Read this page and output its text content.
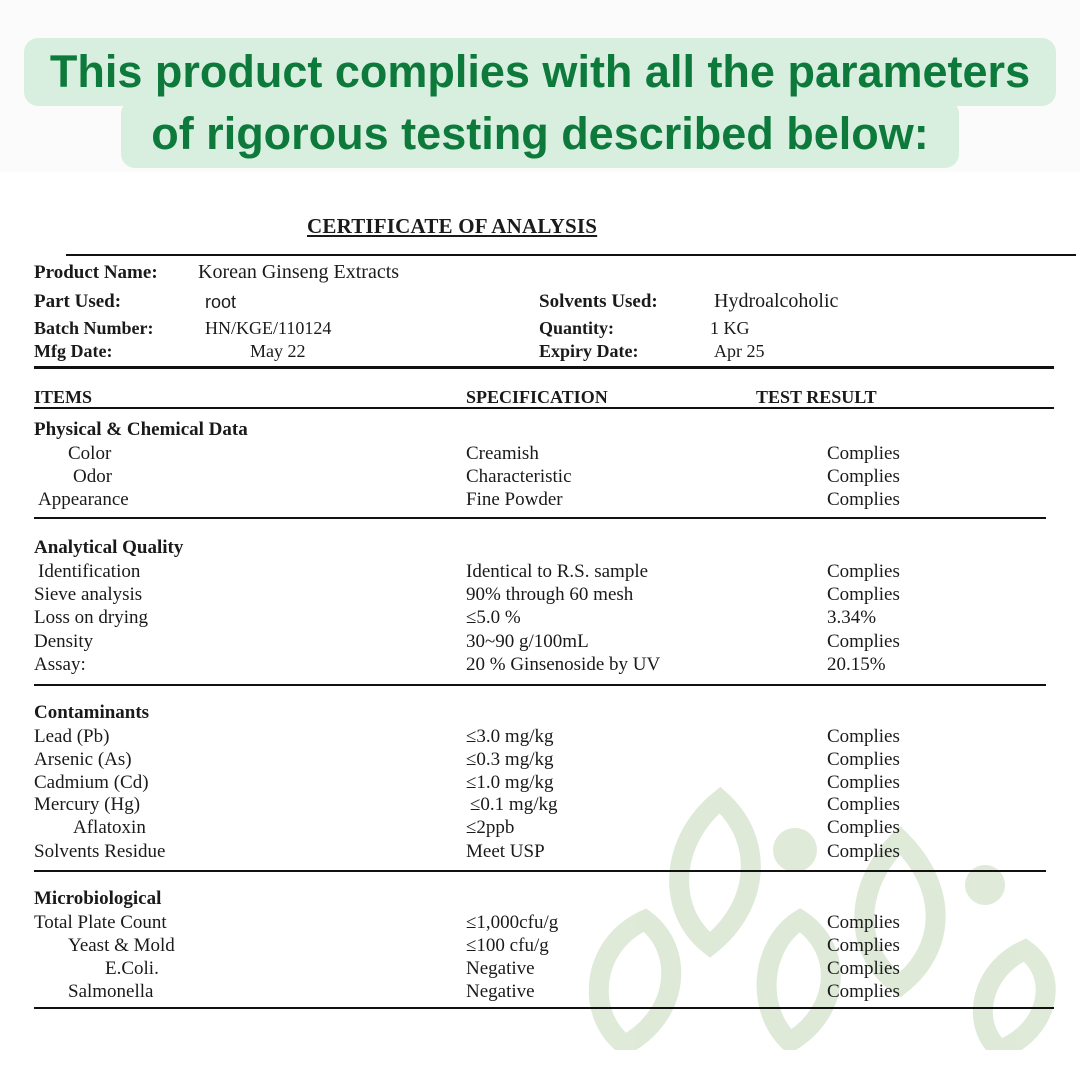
This product complies with all the parameters
of rigorous testing described below:
CERTIFICATE OF ANALYSIS
Product Name: Korean Ginseng Extracts
Part Used:	root	Solvents Used:	Hydroalcoholic
Batch Number:	HN/KGE/110124	Quantity:	1 KG
Mfg Date:	May 22	Expiry Date:	Apr 25
ITEMS	SPECIFICATION	TEST RESULT
Physical & Chemical Data
Color	Creamish	Complies
Odor	Characteristic	Complies
Appearance	Fine Powder	Complies
Analytical Quality
Identification	Identical to R.S. sample	Complies
Sieve analysis	90% through 60 mesh	Complies
Loss on drying	≤5.0 %	3.34%
Density	30~90 g/100mL	Complies
Assay:	20 % Ginsenoside by UV	20.15%
Contaminants
Lead (Pb)	≤3.0 mg/kg	Complies
Arsenic (As)	≤0.3 mg/kg	Complies
Cadmium (Cd)	≤1.0 mg/kg	Complies
Mercury (Hg)	≤0.1 mg/kg	Complies
Aflatoxin	≤2ppb	Complies
Solvents Residue	Meet USP	Complies
Microbiological
Total Plate Count	≤1,000cfu/g	Complies
Yeast & Mold	≤100 cfu/g	Complies
E.Coli.	Negative	Complies
Salmonella	Negative	Complies
